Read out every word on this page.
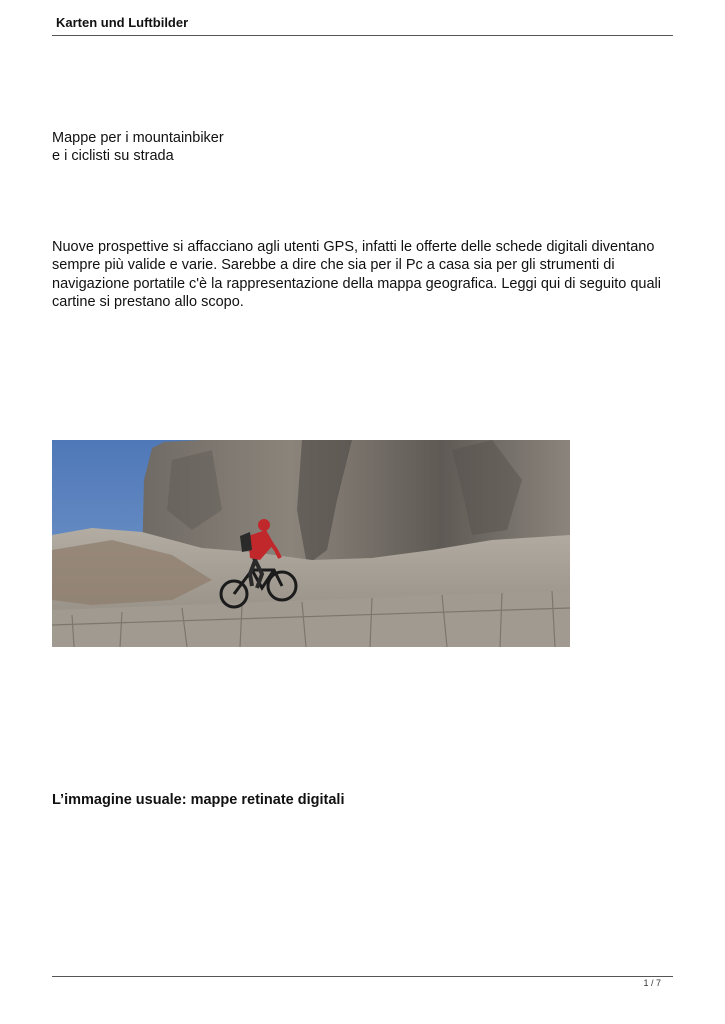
Karten und Luftbilder
Mappe per i mountainbiker
e i ciclisti su strada
Nuove prospettive si affacciano agli utenti GPS, infatti le offerte delle schede digitali diventano sempre più valide e varie. Sarebbe a dire che sia per il Pc a casa sia per gli strumenti di navigazione portatile c'è la rappresentazione della mappa geografica. Leggi qui di seguito quali cartine si prestano allo scopo.
L’immagine usuale: mappe retinate digitali
1 / 7
